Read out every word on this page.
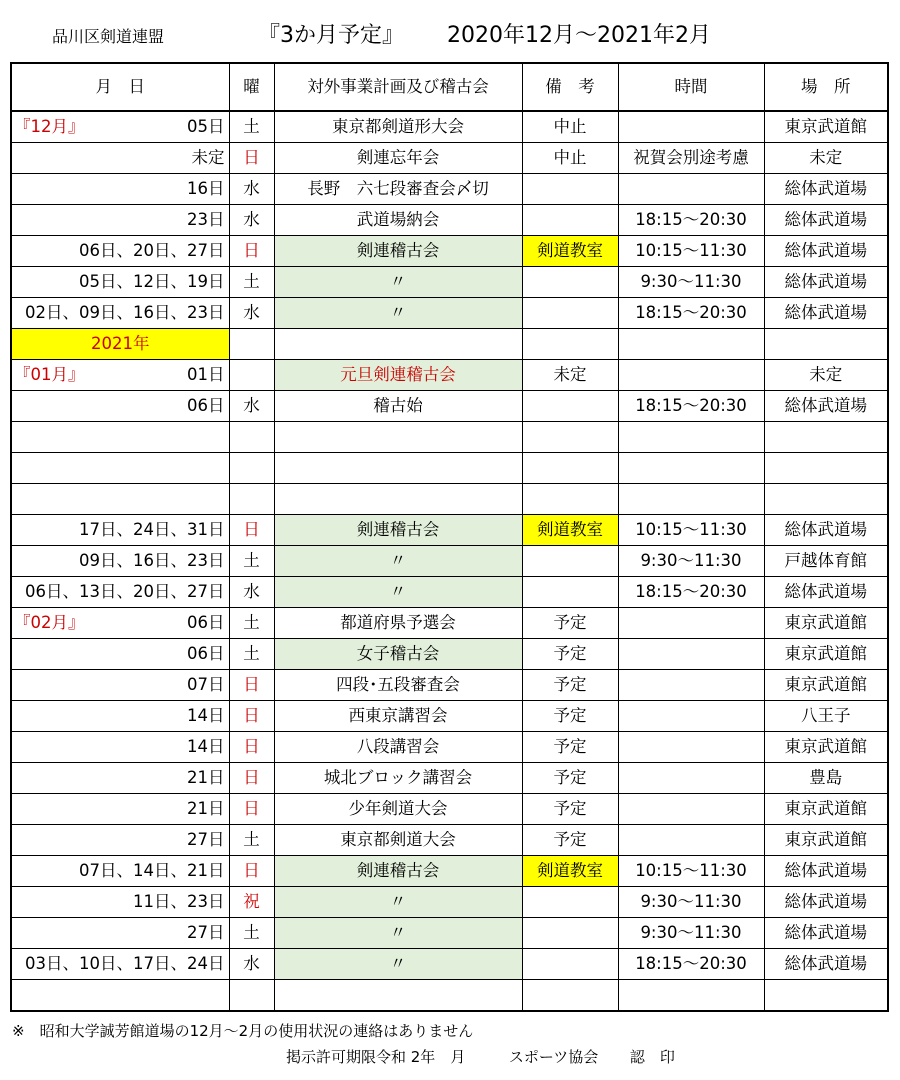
品川区剣道連盟	『3か月予定』 2020年12月～2021年2月
月　日	曜	対外事業計画及び稽古会	備　考	時間	場　所

『12月』 05日	土	東京都剣道形大会	中止		東京武道館
未定	日	剣連忘年会	中止	祝賀会別途考慮	未定
16日	水	長野　六七段審査会〆切			総体武道場
23日	水	武道場納会		18:15～20:30	総体武道場
06日、20日、27日	日	剣連稽古会	剣道教室	10:15～11:30	総体武道場
05日、12日、19日	土	〃		9:30～11:30	総体武道場
02日、09日、16日、23日	水	〃		18:15～20:30	総体武道場
2021年					

『01月』 01日		元旦剣連稽古会	未定		未定
06日	水	稽古始		18:15～20:30	総体武道場

17日、24日、31日	日	剣連稽古会	剣道教室	10:15～11:30	総体武道場
09日、16日、23日	土	〃		9:30～11:30	戸越体育館
06日、13日、20日、27日	水	〃		18:15～20:30	総体武道場

『02月』 06日	土	都道府県予選会	予定		東京武道館
06日	土	女子稽古会	予定		東京武道館
07日	日	四段･五段審査会	予定		東京武道館
14日	日	西東京講習会	予定		八王子
14日	日	八段講習会	予定		東京武道館
21日	日	城北ブロック講習会	予定		豊島
21日	日	少年剣道大会	予定		東京武道館
27日	土	東京都剣道大会	予定		東京武道館
07日、14日、21日	日	剣連稽古会	剣道教室	10:15～11:30	総体武道場
11日、23日	祝	〃		9:30～11:30	総体武道場
27日	土	〃		9:30～11:30	総体武道場
03日、10日、17日、24日	水	〃		18:15～20:30	総体武道場

※　昭和大学誠芳館道場の12月～2月の使用状況の連絡はありません
掲示許可期限令和 2年　月	スポーツ協会 認　印
